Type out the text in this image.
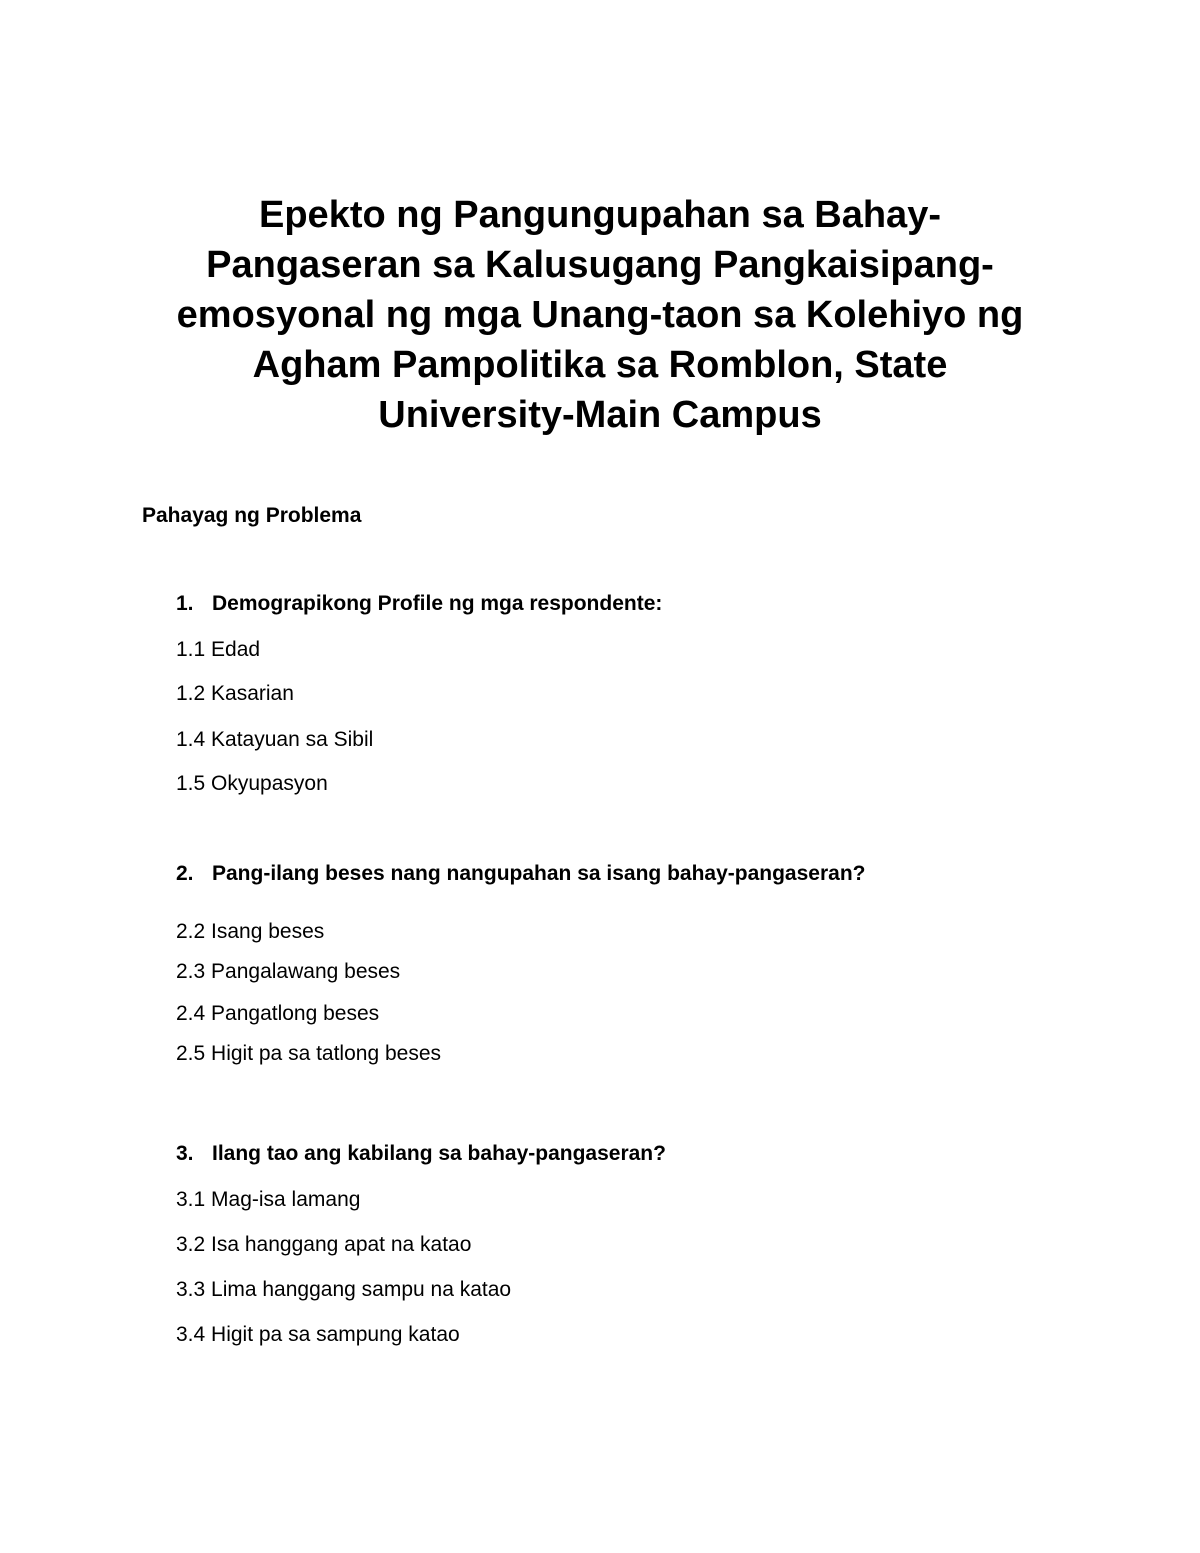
Epekto ng Pangungupahan sa Bahay-
Pangaseran sa Kalusugang Pangkaisipang-
emosyonal ng mga Unang-taon sa Kolehiyo ng
Agham Pampolitika sa Romblon, State
University-Main Campus
Pahayag ng Problema

1. Demograpikong Profile ng mga respondente:

1.1 Edad

1.2 Kasarian

1.4 Katayuan sa Sibil

1.5 Okyupasyon

2. Pang-ilang beses nang nangupahan sa isang bahay-pangaseran?

2.2 Isang beses

2.3 Pangalawang beses

2.4 Pangatlong beses

2.5 Higit pa sa tatlong beses

3. Ilang tao ang kabilang sa bahay-pangaseran?

3.1 Mag-isa lamang

3.2 Isa hanggang apat na katao

3.3 Lima hanggang sampu na katao

3.4 Higit pa sa sampung katao
